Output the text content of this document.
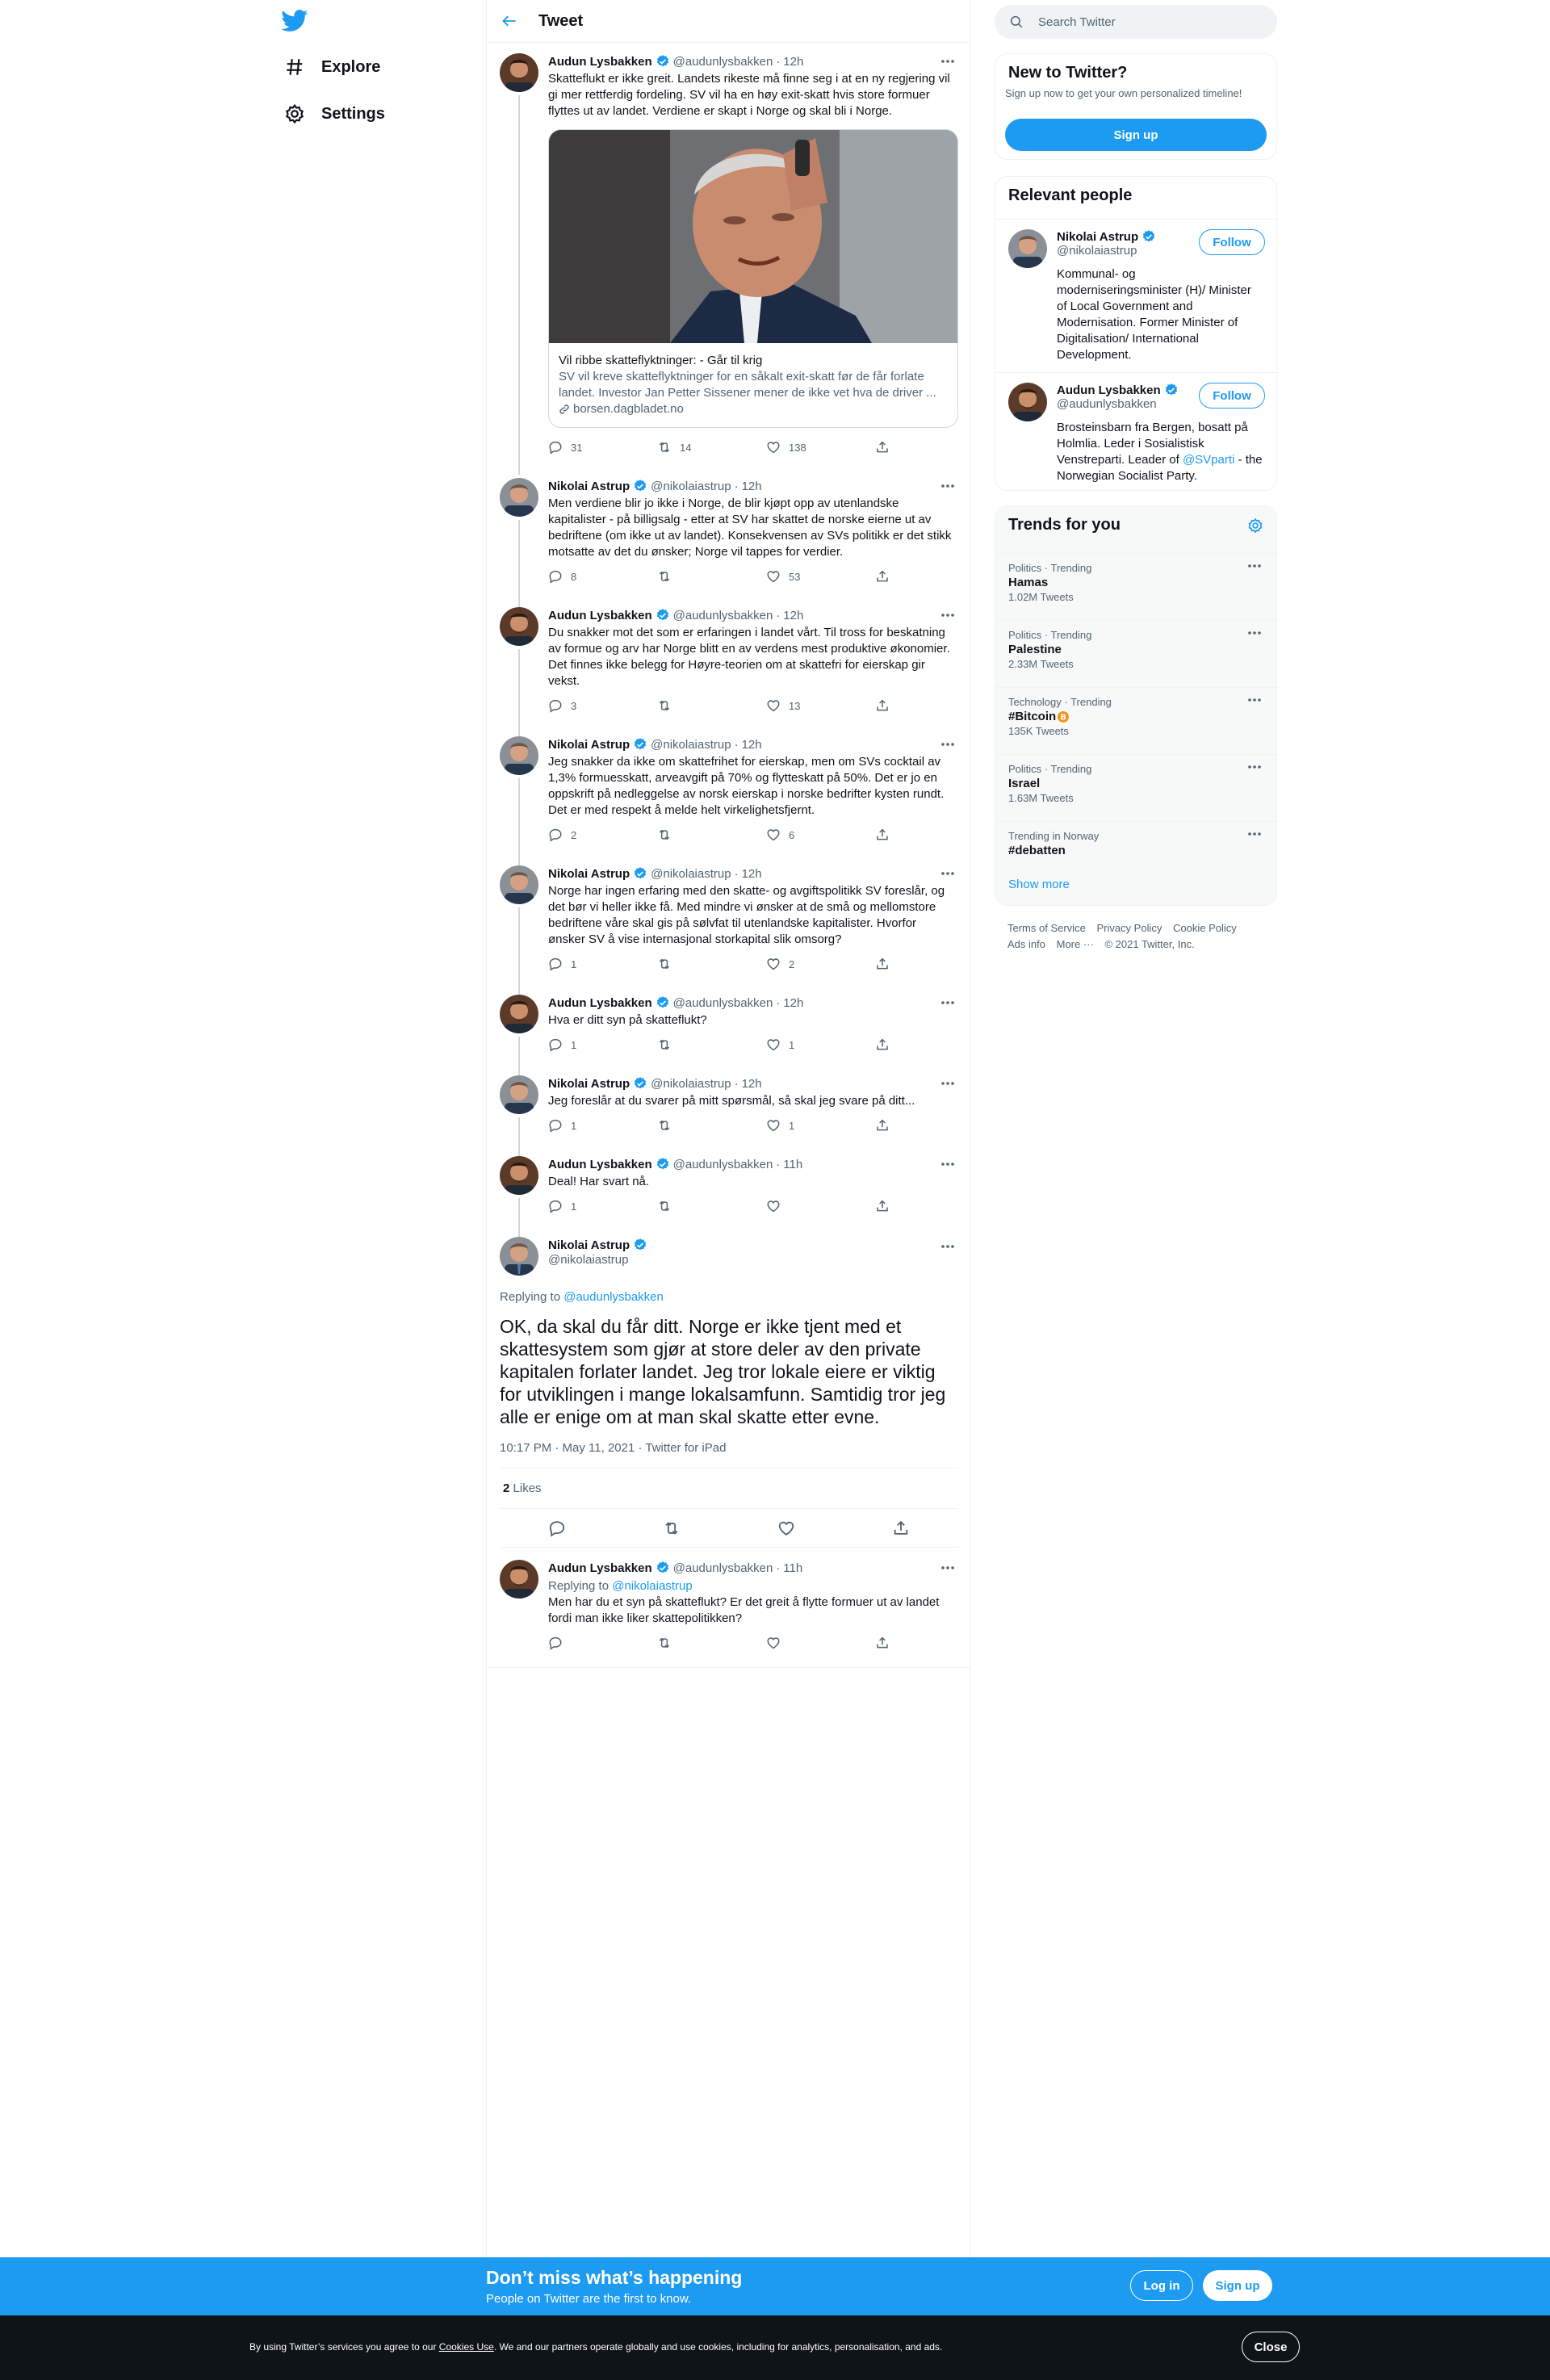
Explore
Settings
Tweet
Audun Lysbakken @audunlysbakken · 12h
Skatteflukt er ikke greit. Landets rikeste må finne seg i at en ny regjering vil
gi mer rettferdig fordeling. SV vil ha en høy exit-skatt hvis store formuer
flyttes ut av landet. Verdiene er skapt i Norge og skal bli i Norge.
Vil ribbe skatteflyktninger: - Går til krig
SV vil kreve skatteflyktninger for en såkalt exit-skatt før de får forlate
landet. Investor Jan Petter Sissener mener de ikke vet hva de driver ...
borsen.dagbladet.no
31	14	138
Nikolai Astrup @nikolaiastrup · 12h
Men verdiene blir jo ikke i Norge, de blir kjøpt opp av utenlandske
kapitalister - på billigsalg - etter at SV har skattet de norske eierne ut av
bedriftene (om ikke ut av landet). Konsekvensen av SVs politikk er det stikk
motsatte av det du ønsker; Norge vil tappes for verdier.
8	53
Audun Lysbakken @audunlysbakken · 12h
Du snakker mot det som er erfaringen i landet vårt. Til tross for beskatning
av formue og arv har Norge blitt en av verdens mest produktive økonomier.
Det finnes ikke belegg for Høyre-teorien om at skattefri for eierskap gir
vekst.
3	13
Nikolai Astrup @nikolaiastrup · 12h
Jeg snakker da ikke om skattefrihet for eierskap, men om SVs cocktail av
1,3% formuesskatt, arveavgift på 70% og flytteskatt på 50%. Det er jo en
oppskrift på nedleggelse av norsk eierskap i norske bedrifter kysten rundt.
Det er med respekt å melde helt virkelighetsfjernt.
2	6
Nikolai Astrup @nikolaiastrup · 12h
Norge har ingen erfaring med den skatte- og avgiftspolitikk SV foreslår, og
det bør vi heller ikke få. Med mindre vi ønsker at de små og mellomstore
bedriftene våre skal gis på sølvfat til utenlandske kapitalister. Hvorfor
ønsker SV å vise internasjonal storkapital slik omsorg?
1	2
Audun Lysbakken @audunlysbakken · 12h
Hva er ditt syn på skatteflukt?
1	1
Nikolai Astrup @nikolaiastrup · 12h
Jeg foreslår at du svarer på mitt spørsmål, så skal jeg svare på ditt...
1	1
Audun Lysbakken @audunlysbakken · 11h
Deal! Har svart nå.
1
Nikolai Astrup
@nikolaiastrup
Replying to @audunlysbakken
OK, da skal du får ditt. Norge er ikke tjent med et
skattesystem som gjør at store deler av den private
kapitalen forlater landet. Jeg tror lokale eiere er viktig
for utviklingen i mange lokalsamfunn. Samtidig tror jeg
alle er enige om at man skal skatte etter evne.
10:17 PM · May 11, 2021 · Twitter for iPad
2 Likes
Audun Lysbakken @audunlysbakken · 11h
Replying to @nikolaiastrup
Men har du et syn på skatteflukt? Er det greit å flytte formuer ut av landet
fordi man ikke liker skattepolitikken?
Search Twitter
New to Twitter?
Sign up now to get your own personalized timeline!
Sign up
Relevant people
Nikolai Astrup
@nikolaiastrup
Follow
Kommunal- og
moderniseringsminister (H)/ Minister
of Local Government and
Modernisation. Former Minister of
Digitalisation/ International
Development.
Audun Lysbakken
@audunlysbakken
Follow
Brosteinsbarn fra Bergen, bosatt på
Holmlia. Leder i Sosialistisk
Venstreparti. Leader of @SVparti - the
Norwegian Socialist Party.
Trends for you
Politics · Trending
Hamas
1.02M Tweets
Politics · Trending
Palestine
2.33M Tweets
Technology · Trending
#Bitcoin B
135K Tweets
Politics · Trending
Israel
1.63M Tweets
Trending in Norway
#debatten
Show more
Terms of Service Privacy Policy Cookie Policy
Ads info More ··· © 2021 Twitter, Inc.
Don’t miss what’s happening
People on Twitter are the first to know.
Log in	Sign up
By using Twitter’s services you agree to our Cookies Use. We and our partners operate globally and use cookies, including for analytics, personalisation, and ads.	Close
